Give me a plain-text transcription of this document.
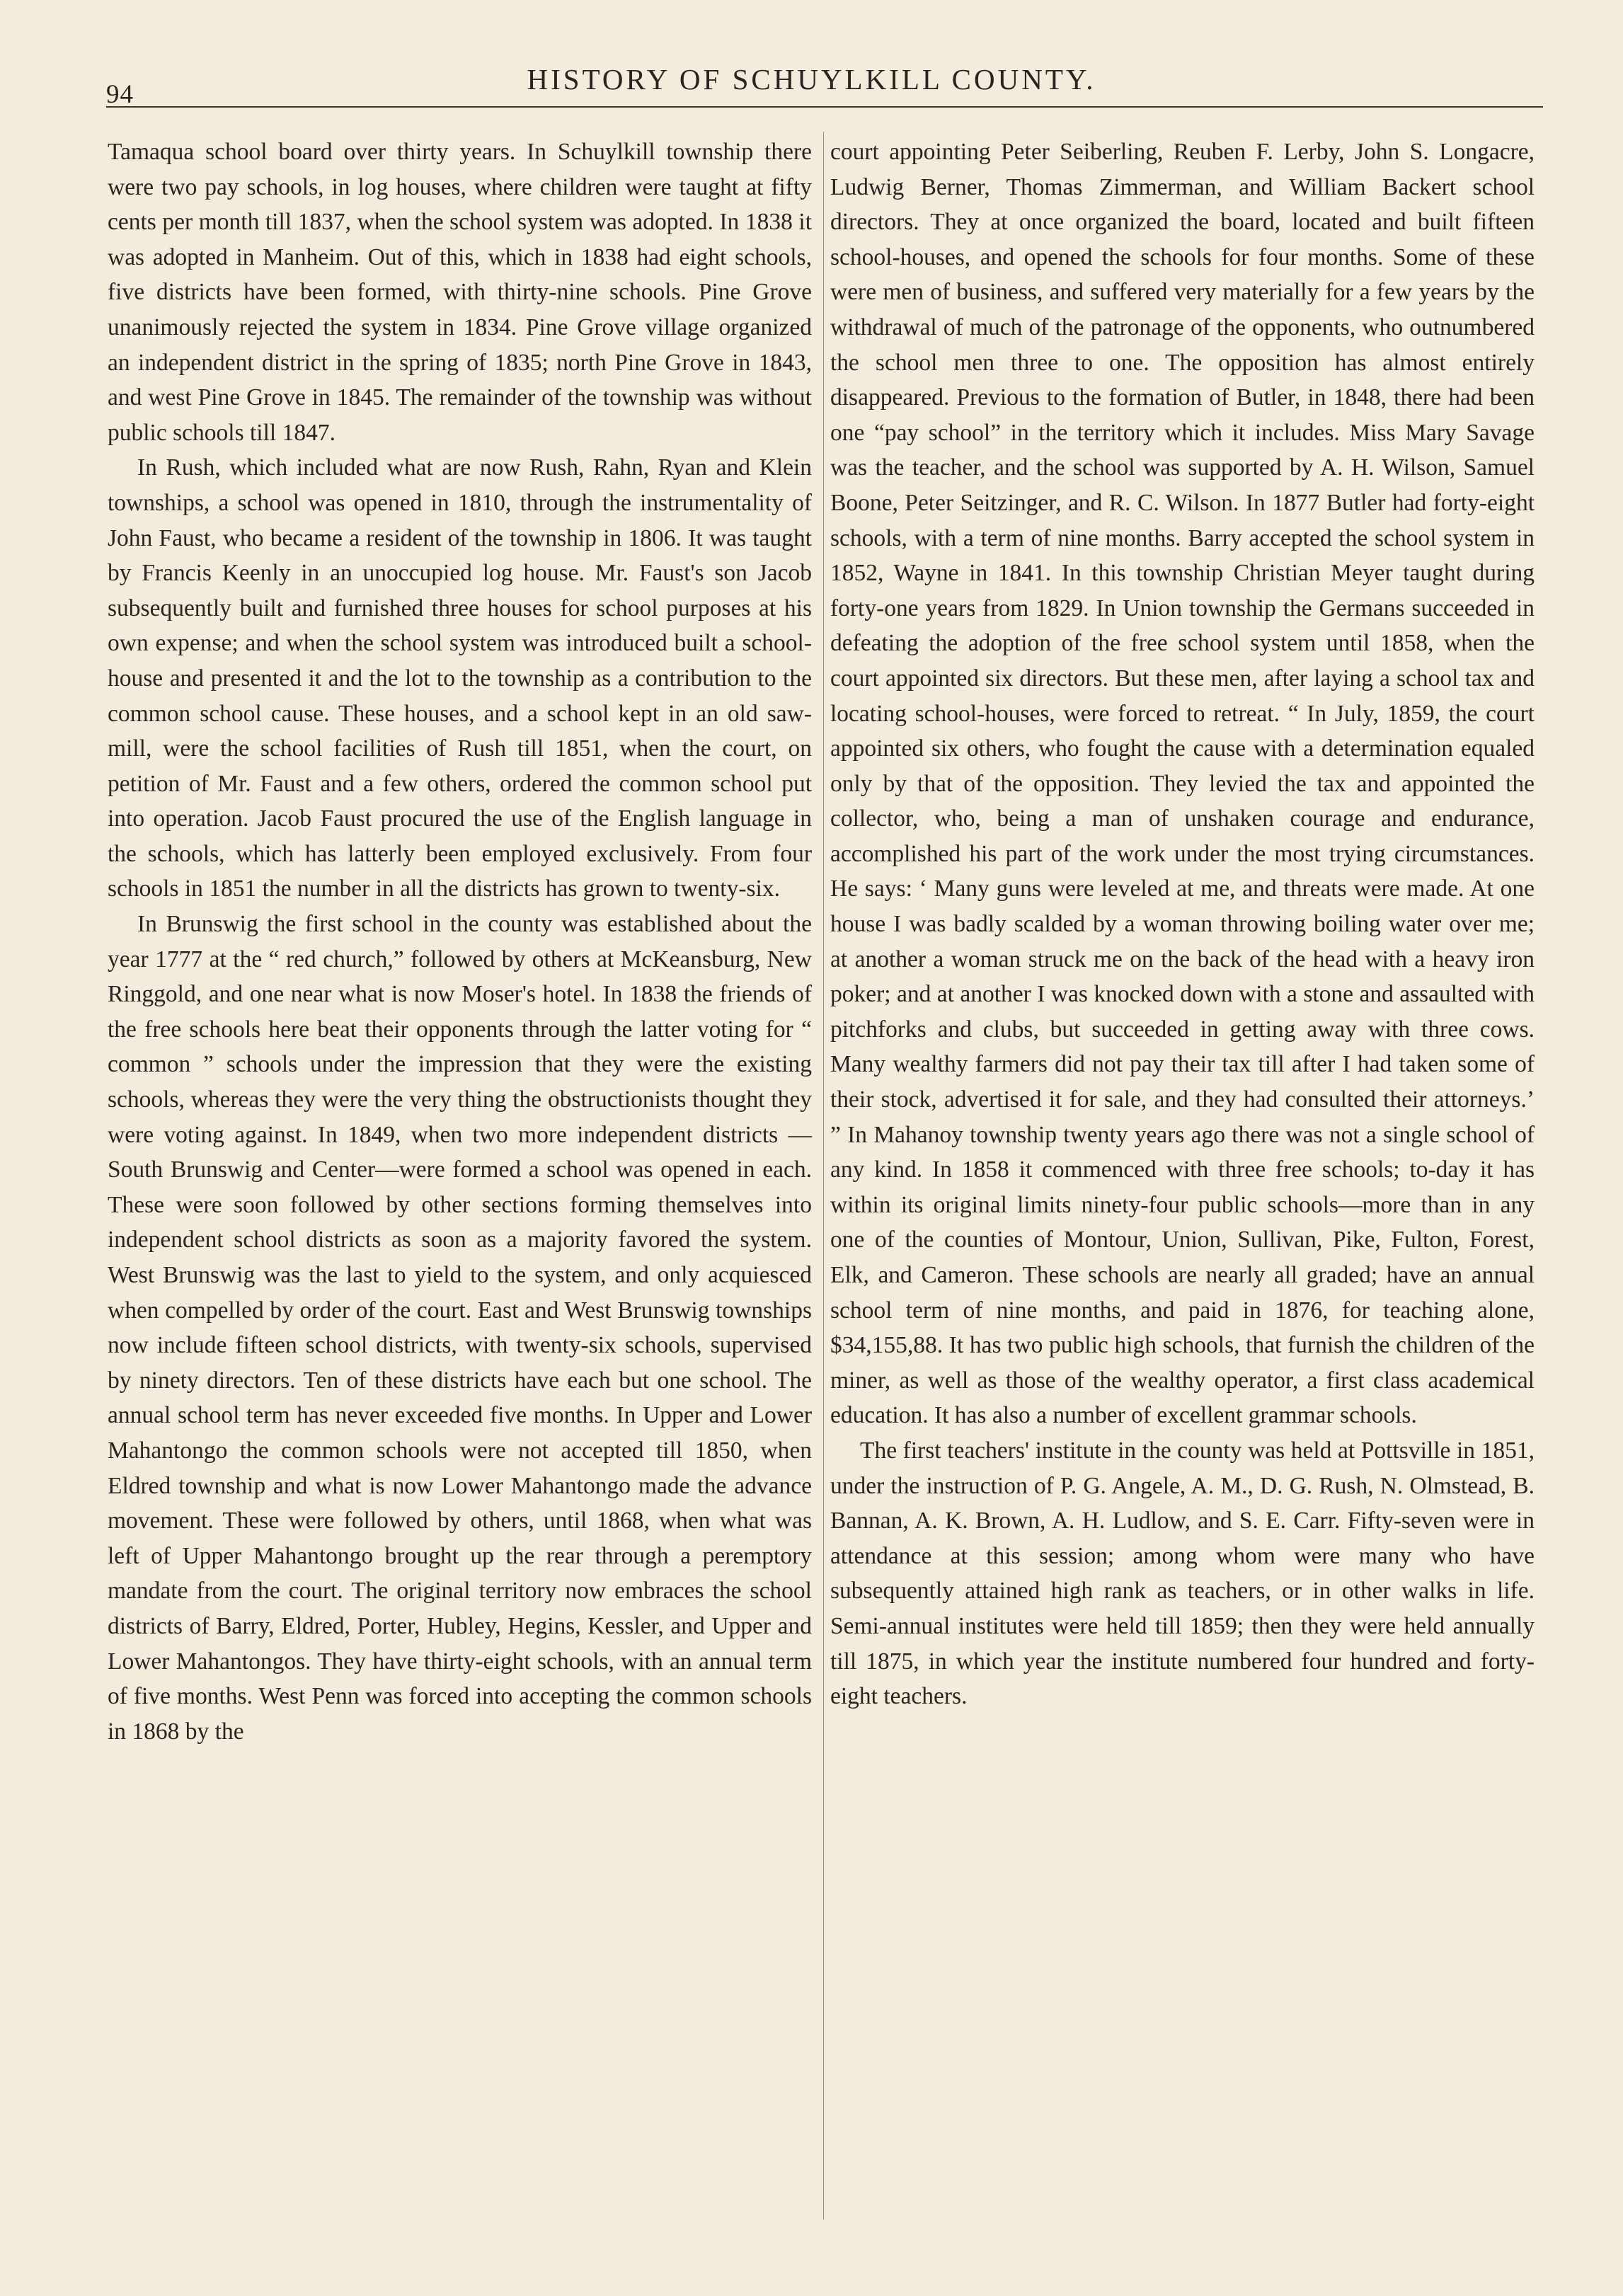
94	HISTORY OF SCHUYLKILL COUNTY.

Tamaqua school board over thirty years. In Schuylkill township there were two pay schools, in log houses, where children were taught at fifty cents per month till 1837, when the school system was adopted. In 1838 it was adopted in Manheim. Out of this, which in 1838 had eight schools, five districts have been formed, with thirty-nine schools. Pine Grove unanimously rejected the system in 1834. Pine Grove village organized an independent district in the spring of 1835; north Pine Grove in 1843, and west Pine Grove in 1845. The remainder of the township was without public schools till 1847.

In Rush, which included what are now Rush, Rahn, Ryan and Klein townships, a school was opened in 1810, through the instrumentality of John Faust, who became a resident of the township in 1806. It was taught by Francis Keenly in an unoccupied log house. Mr. Faust's son Jacob subsequently built and furnished three houses for school purposes at his own expense; and when the school system was introduced built a school-house and presented it and the lot to the township as a contribution to the common school cause. These houses, and a school kept in an old saw-mill, were the school facilities of Rush till 1851, when the court, on petition of Mr. Faust and a few others, ordered the common school put into operation. Jacob Faust procured the use of the English language in the schools, which has latterly been employed exclusively. From four schools in 1851 the number in all the districts has grown to twenty-six.

In Brunswig the first school in the county was established about the year 1777 at the “ red church,” followed by others at McKeansburg, New Ringgold, and one near what is now Moser's hotel. In 1838 the friends of the free schools here beat their opponents through the latter voting for “ common ” schools under the impression that they were the existing schools, whereas they were the very thing the obstructionists thought they were voting against. In 1849, when two more independent districts —South Brunswig and Center—were formed a school was opened in each. These were soon followed by other sections forming themselves into independent school districts as soon as a majority favored the system. West Brunswig was the last to yield to the system, and only acquiesced when compelled by order of the court. East and West Brunswig townships now include fifteen school districts, with twenty-six schools, supervised by ninety directors. Ten of these districts have each but one school. The annual school term has never exceeded five months. In Upper and Lower Mahantongo the common schools were not accepted till 1850, when Eldred township and what is now Lower Mahantongo made the advance movement. These were followed by others, until 1868, when what was left of Upper Mahantongo brought up the rear through a peremptory mandate from the court. The original territory now embraces the school districts of Barry, Eldred, Porter, Hubley, Hegins, Kessler, and Upper and Lower Mahantongos. They have thirty-eight schools, with an annual term of five months. West Penn was forced into accepting the common schools in 1868 by the

court appointing Peter Seiberling, Reuben F. Lerby, John S. Longacre, Ludwig Berner, Thomas Zimmerman, and William Backert school directors. They at once organized the board, located and built fifteen school-houses, and opened the schools for four months. Some of these were men of business, and suffered very materially for a few years by the withdrawal of much of the patronage of the opponents, who outnumbered the school men three to one. The opposition has almost entirely disappeared. Previous to the formation of Butler, in 1848, there had been one “pay school” in the territory which it includes. Miss Mary Savage was the teacher, and the school was supported by A. H. Wilson, Samuel Boone, Peter Seitzinger, and R. C. Wilson. In 1877 Butler had forty-eight schools, with a term of nine months. Barry accepted the school system in 1852, Wayne in 1841. In this township Christian Meyer taught during forty-one years from 1829. In Union township the Germans succeeded in defeating the adoption of the free school system until 1858, when the court appointed six directors. But these men, after laying a school tax and locating school-houses, were forced to retreat. “ In July, 1859, the court appointed six others, who fought the cause with a determination equaled only by that of the opposition. They levied the tax and appointed the collector, who, being a man of unshaken courage and endurance, accomplished his part of the work under the most trying circumstances. He says: ‘ Many guns were leveled at me, and threats were made. At one house I was badly scalded by a woman throwing boiling water over me; at another a woman struck me on the back of the head with a heavy iron poker; and at another I was knocked down with a stone and assaulted with pitchforks and clubs, but succeeded in getting away with three cows. Many wealthy farmers did not pay their tax till after I had taken some of their stock, advertised it for sale, and they had consulted their attorneys.’ ” In Mahanoy township twenty years ago there was not a single school of any kind. In 1858 it commenced with three free schools; to-day it has within its original limits ninety-four public schools—more than in any one of the counties of Montour, Union, Sullivan, Pike, Fulton, Forest, Elk, and Cameron. These schools are nearly all graded; have an annual school term of nine months, and paid in 1876, for teaching alone, $34,155,88. It has two public high schools, that furnish the children of the miner, as well as those of the wealthy operator, a first class academical education. It has also a number of excellent grammar schools.

The first teachers' institute in the county was held at Pottsville in 1851, under the instruction of P. G. Angele, A. M., D. G. Rush, N. Olmstead, B. Bannan, A. K. Brown, A. H. Ludlow, and S. E. Carr. Fifty-seven were in attendance at this session; among whom were many who have subsequently attained high rank as teachers, or in other walks in life. Semi-annual institutes were held till 1859; then they were held annually till 1875, in which year the institute numbered four hundred and forty-eight teachers.
